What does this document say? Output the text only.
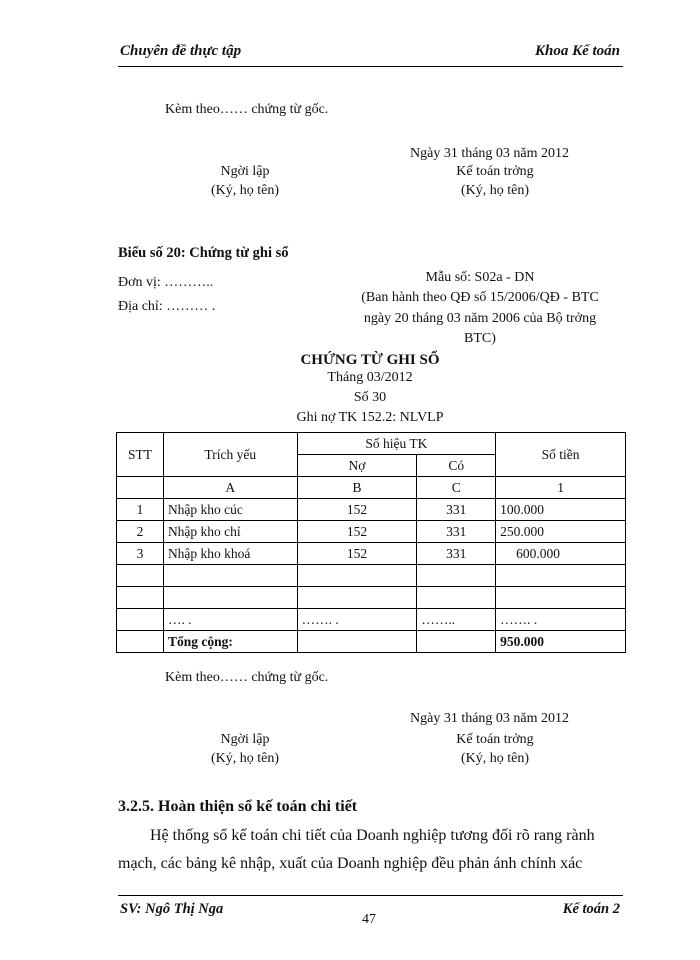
Chuyên đề thực tập	Khoa Kế toán
Kèm theo…… chứng từ gốc.
Ngày 31 tháng 03 năm 2012
Ngời lập
(Ký, họ tên)
Kế toán trởng
(Ký, họ tên)
Biểu số 20: Chứng từ ghi sổ
Đơn vị: ………..
Địa chỉ: ……… .
Mẫu số: S02a - DN
(Ban hành theo QĐ số 15/2006/QĐ - BTC
ngày 20 tháng 03 năm 2006 của Bộ trởng
BTC)
CHỨNG TỪ GHI SỔ
Tháng 03/2012
Số 30
Ghi nợ TK 152.2: NLVLP
STT	Trích yếu	Số hiệu TK		Số tiền
		Nợ	Có	
	A	B	C	1
1	Nhập kho cúc	152	331	100.000
2	Nhập kho chỉ	152	331	250.000
3	Nhập kho khoá	152	331	600.000

	…. .	……. .	……..	……. .
	Tổng cộng:			950.000
Kèm theo…… chứng từ gốc.
Ngày 31 tháng 03 năm 2012
Ngời lập
(Ký, họ tên)
Kế toán trởng
(Ký, họ tên)
3.2.5. Hoàn thiện sổ kế toán chi tiết
Hệ thống sổ kế toán chi tiết của Doanh nghiệp tương đối rõ rang rành
mạch, các bảng kê nhập, xuất của Doanh nghiệp đều phản ánh chính xác
SV: Ngô Thị Nga
47
Kế toán 2
